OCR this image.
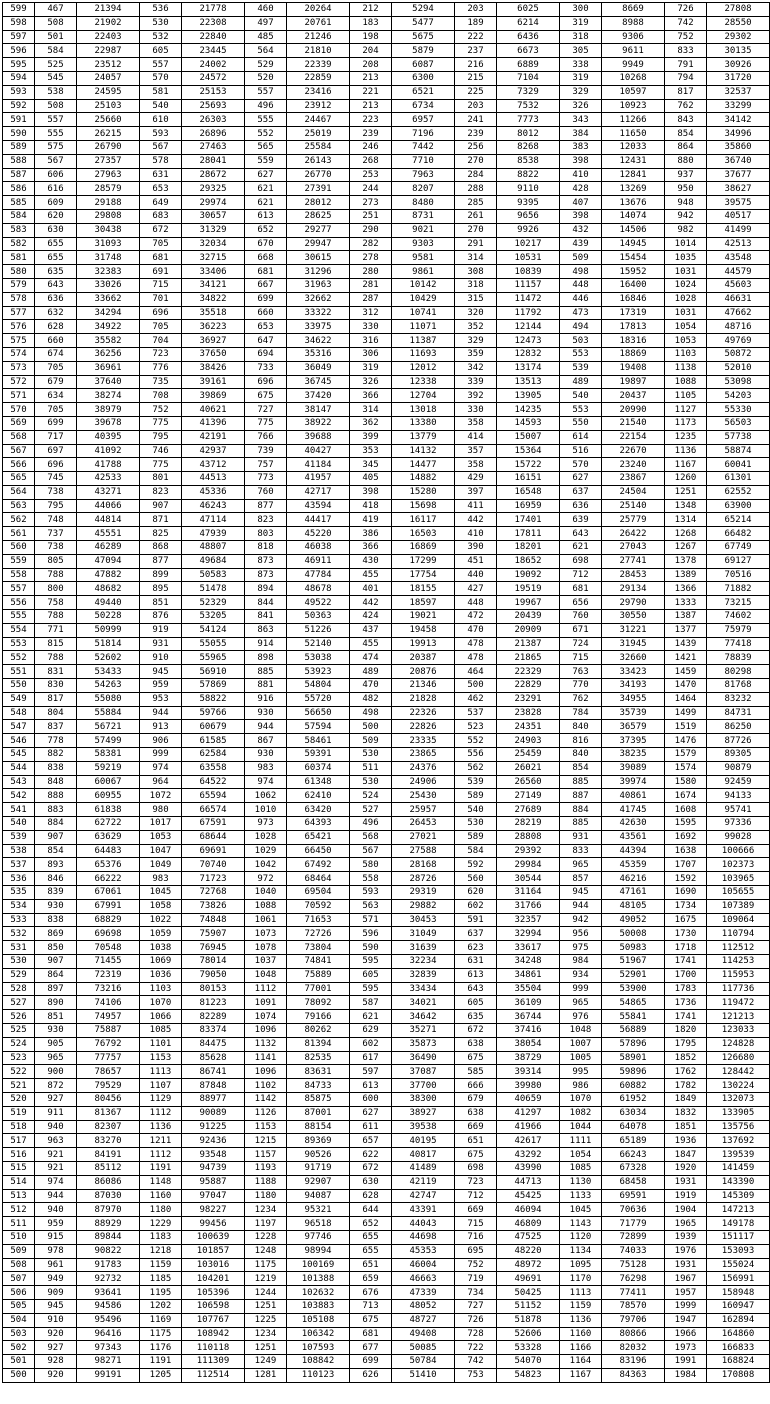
599	467	21394	536	21778	460	20264	212	5294	203	6025	300	8669	726	27808
598	508	21902	530	22308	497	20761	183	5477	189	6214	319	8988	742	28550
597	501	22403	532	22840	485	21246	198	5675	222	6436	318	9306	752	29302
596	584	22987	605	23445	564	21810	204	5879	237	6673	305	9611	833	30135
595	525	23512	557	24002	529	22339	208	6087	216	6889	338	9949	791	30926
594	545	24057	570	24572	520	22859	213	6300	215	7104	319	10268	794	31720
593	538	24595	581	25153	557	23416	221	6521	225	7329	329	10597	817	32537
592	508	25103	540	25693	496	23912	213	6734	203	7532	326	10923	762	33299
591	557	25660	610	26303	555	24467	223	6957	241	7773	343	11266	843	34142
590	555	26215	593	26896	552	25019	239	7196	239	8012	384	11650	854	34996
589	575	26790	567	27463	565	25584	246	7442	256	8268	383	12033	864	35860
588	567	27357	578	28041	559	26143	268	7710	270	8538	398	12431	880	36740
587	606	27963	631	28672	627	26770	253	7963	284	8822	410	12841	937	37677
586	616	28579	653	29325	621	27391	244	8207	288	9110	428	13269	950	38627
585	609	29188	649	29974	621	28012	273	8480	285	9395	407	13676	948	39575
584	620	29808	683	30657	613	28625	251	8731	261	9656	398	14074	942	40517
583	630	30438	672	31329	652	29277	290	9021	270	9926	432	14506	982	41499
582	655	31093	705	32034	670	29947	282	9303	291	10217	439	14945	1014	42513
581	655	31748	681	32715	668	30615	278	9581	314	10531	509	15454	1035	43548
580	635	32383	691	33406	681	31296	280	9861	308	10839	498	15952	1031	44579
579	643	33026	715	34121	667	31963	281	10142	318	11157	448	16400	1024	45603
578	636	33662	701	34822	699	32662	287	10429	315	11472	446	16846	1028	46631
577	632	34294	696	35518	660	33322	312	10741	320	11792	473	17319	1031	47662
576	628	34922	705	36223	653	33975	330	11071	352	12144	494	17813	1054	48716
575	660	35582	704	36927	647	34622	316	11387	329	12473	503	18316	1053	49769
574	674	36256	723	37650	694	35316	306	11693	359	12832	553	18869	1103	50872
573	705	36961	776	38426	733	36049	319	12012	342	13174	539	19408	1138	52010
572	679	37640	735	39161	696	36745	326	12338	339	13513	489	19897	1088	53098
571	634	38274	708	39869	675	37420	366	12704	392	13905	540	20437	1105	54203
570	705	38979	752	40621	727	38147	314	13018	330	14235	553	20990	1127	55330
569	699	39678	775	41396	775	38922	362	13380	358	14593	550	21540	1173	56503
568	717	40395	795	42191	766	39688	399	13779	414	15007	614	22154	1235	57738
567	697	41092	746	42937	739	40427	353	14132	357	15364	516	22670	1136	58874
566	696	41788	775	43712	757	41184	345	14477	358	15722	570	23240	1167	60041
565	745	42533	801	44513	773	41957	405	14882	429	16151	627	23867	1260	61301
564	738	43271	823	45336	760	42717	398	15280	397	16548	637	24504	1251	62552
563	795	44066	907	46243	877	43594	418	15698	411	16959	636	25140	1348	63900
562	748	44814	871	47114	823	44417	419	16117	442	17401	639	25779	1314	65214
561	737	45551	825	47939	803	45220	386	16503	410	17811	643	26422	1268	66482
560	738	46289	868	48807	818	46038	366	16869	390	18201	621	27043	1267	67749
559	805	47094	877	49684	873	46911	430	17299	451	18652	698	27741	1378	69127
558	788	47882	899	50583	873	47784	455	17754	440	19092	712	28453	1389	70516
557	800	48682	895	51478	894	48678	401	18155	427	19519	681	29134	1366	71882
556	758	49440	851	52329	844	49522	442	18597	448	19967	656	29790	1333	73215
555	788	50228	876	53205	841	50363	424	19021	472	20439	760	30550	1387	74602
554	771	50999	919	54124	863	51226	437	19458	470	20909	671	31221	1377	75979
553	815	51814	931	55055	914	52140	455	19913	478	21387	724	31945	1439	77418
552	788	52602	910	55965	898	53038	474	20387	478	21865	715	32660	1421	78839
551	831	53433	945	56910	885	53923	489	20876	464	22329	763	33423	1459	80298
550	830	54263	959	57869	881	54804	470	21346	500	22829	770	34193	1470	81768
549	817	55080	953	58822	916	55720	482	21828	462	23291	762	34955	1464	83232
548	804	55884	944	59766	930	56650	498	22326	537	23828	784	35739	1499	84731
547	837	56721	913	60679	944	57594	500	22826	523	24351	840	36579	1519	86250
546	778	57499	906	61585	867	58461	509	23335	552	24903	816	37395	1476	87726
545	882	58381	999	62584	930	59391	530	23865	556	25459	840	38235	1579	89305
544	838	59219	974	63558	983	60374	511	24376	562	26021	854	39089	1574	90879
543	848	60067	964	64522	974	61348	530	24906	539	26560	885	39974	1580	92459
542	888	60955	1072	65594	1062	62410	524	25430	589	27149	887	40861	1674	94133
541	883	61838	980	66574	1010	63420	527	25957	540	27689	884	41745	1608	95741
540	884	62722	1017	67591	973	64393	496	26453	530	28219	885	42630	1595	97336
539	907	63629	1053	68644	1028	65421	568	27021	589	28808	931	43561	1692	99028
538	854	64483	1047	69691	1029	66450	567	27588	584	29392	833	44394	1638	100666
537	893	65376	1049	70740	1042	67492	580	28168	592	29984	965	45359	1707	102373
536	846	66222	983	71723	972	68464	558	28726	560	30544	857	46216	1592	103965
535	839	67061	1045	72768	1040	69504	593	29319	620	31164	945	47161	1690	105655
534	930	67991	1058	73826	1088	70592	563	29882	602	31766	944	48105	1734	107389
533	838	68829	1022	74848	1061	71653	571	30453	591	32357	942	49052	1675	109064
532	869	69698	1059	75907	1073	72726	596	31049	637	32994	956	50008	1730	110794
531	850	70548	1038	76945	1078	73804	590	31639	623	33617	975	50983	1718	112512
530	907	71455	1069	78014	1037	74841	595	32234	631	34248	984	51967	1741	114253
529	864	72319	1036	79050	1048	75889	605	32839	613	34861	934	52901	1700	115953
528	897	73216	1103	80153	1112	77001	595	33434	643	35504	999	53900	1783	117736
527	890	74106	1070	81223	1091	78092	587	34021	605	36109	965	54865	1736	119472
526	851	74957	1066	82289	1074	79166	621	34642	635	36744	976	55841	1741	121213
525	930	75887	1085	83374	1096	80262	629	35271	672	37416	1048	56889	1820	123033
524	905	76792	1101	84475	1132	81394	602	35873	638	38054	1007	57896	1795	124828
523	965	77757	1153	85628	1141	82535	617	36490	675	38729	1005	58901	1852	126680
522	900	78657	1113	86741	1096	83631	597	37087	585	39314	995	59896	1762	128442
521	872	79529	1107	87848	1102	84733	613	37700	666	39980	986	60882	1782	130224
520	927	80456	1129	88977	1142	85875	600	38300	679	40659	1070	61952	1849	132073
519	911	81367	1112	90089	1126	87001	627	38927	638	41297	1082	63034	1832	133905
518	940	82307	1136	91225	1153	88154	611	39538	669	41966	1044	64078	1851	135756
517	963	83270	1211	92436	1215	89369	657	40195	651	42617	1111	65189	1936	137692
516	921	84191	1112	93548	1157	90526	622	40817	675	43292	1054	66243	1847	139539
515	921	85112	1191	94739	1193	91719	672	41489	698	43990	1085	67328	1920	141459
514	974	86086	1148	95887	1188	92907	630	42119	723	44713	1130	68458	1931	143390
513	944	87030	1160	97047	1180	94087	628	42747	712	45425	1133	69591	1919	145309
512	940	87970	1180	98227	1234	95321	644	43391	669	46094	1045	70636	1904	147213
511	959	88929	1229	99456	1197	96518	652	44043	715	46809	1143	71779	1965	149178
510	915	89844	1183	100639	1228	97746	655	44698	716	47525	1120	72899	1939	151117
509	978	90822	1218	101857	1248	98994	655	45353	695	48220	1134	74033	1976	153093
508	961	91783	1159	103016	1175	100169	651	46004	752	48972	1095	75128	1931	155024
507	949	92732	1185	104201	1219	101388	659	46663	719	49691	1170	76298	1967	156991
506	909	93641	1195	105396	1244	102632	676	47339	734	50425	1113	77411	1957	158948
505	945	94586	1202	106598	1251	103883	713	48052	727	51152	1159	78570	1999	160947
504	910	95496	1169	107767	1225	105108	675	48727	726	51878	1136	79706	1947	162894
503	920	96416	1175	108942	1234	106342	681	49408	728	52606	1160	80866	1966	164860
502	927	97343	1176	110118	1251	107593	677	50085	722	53328	1166	82032	1973	166833
501	928	98271	1191	111309	1249	108842	699	50784	742	54070	1164	83196	1991	168824
500	920	99191	1205	112514	1281	110123	626	51410	753	54823	1167	84363	1984	170808
